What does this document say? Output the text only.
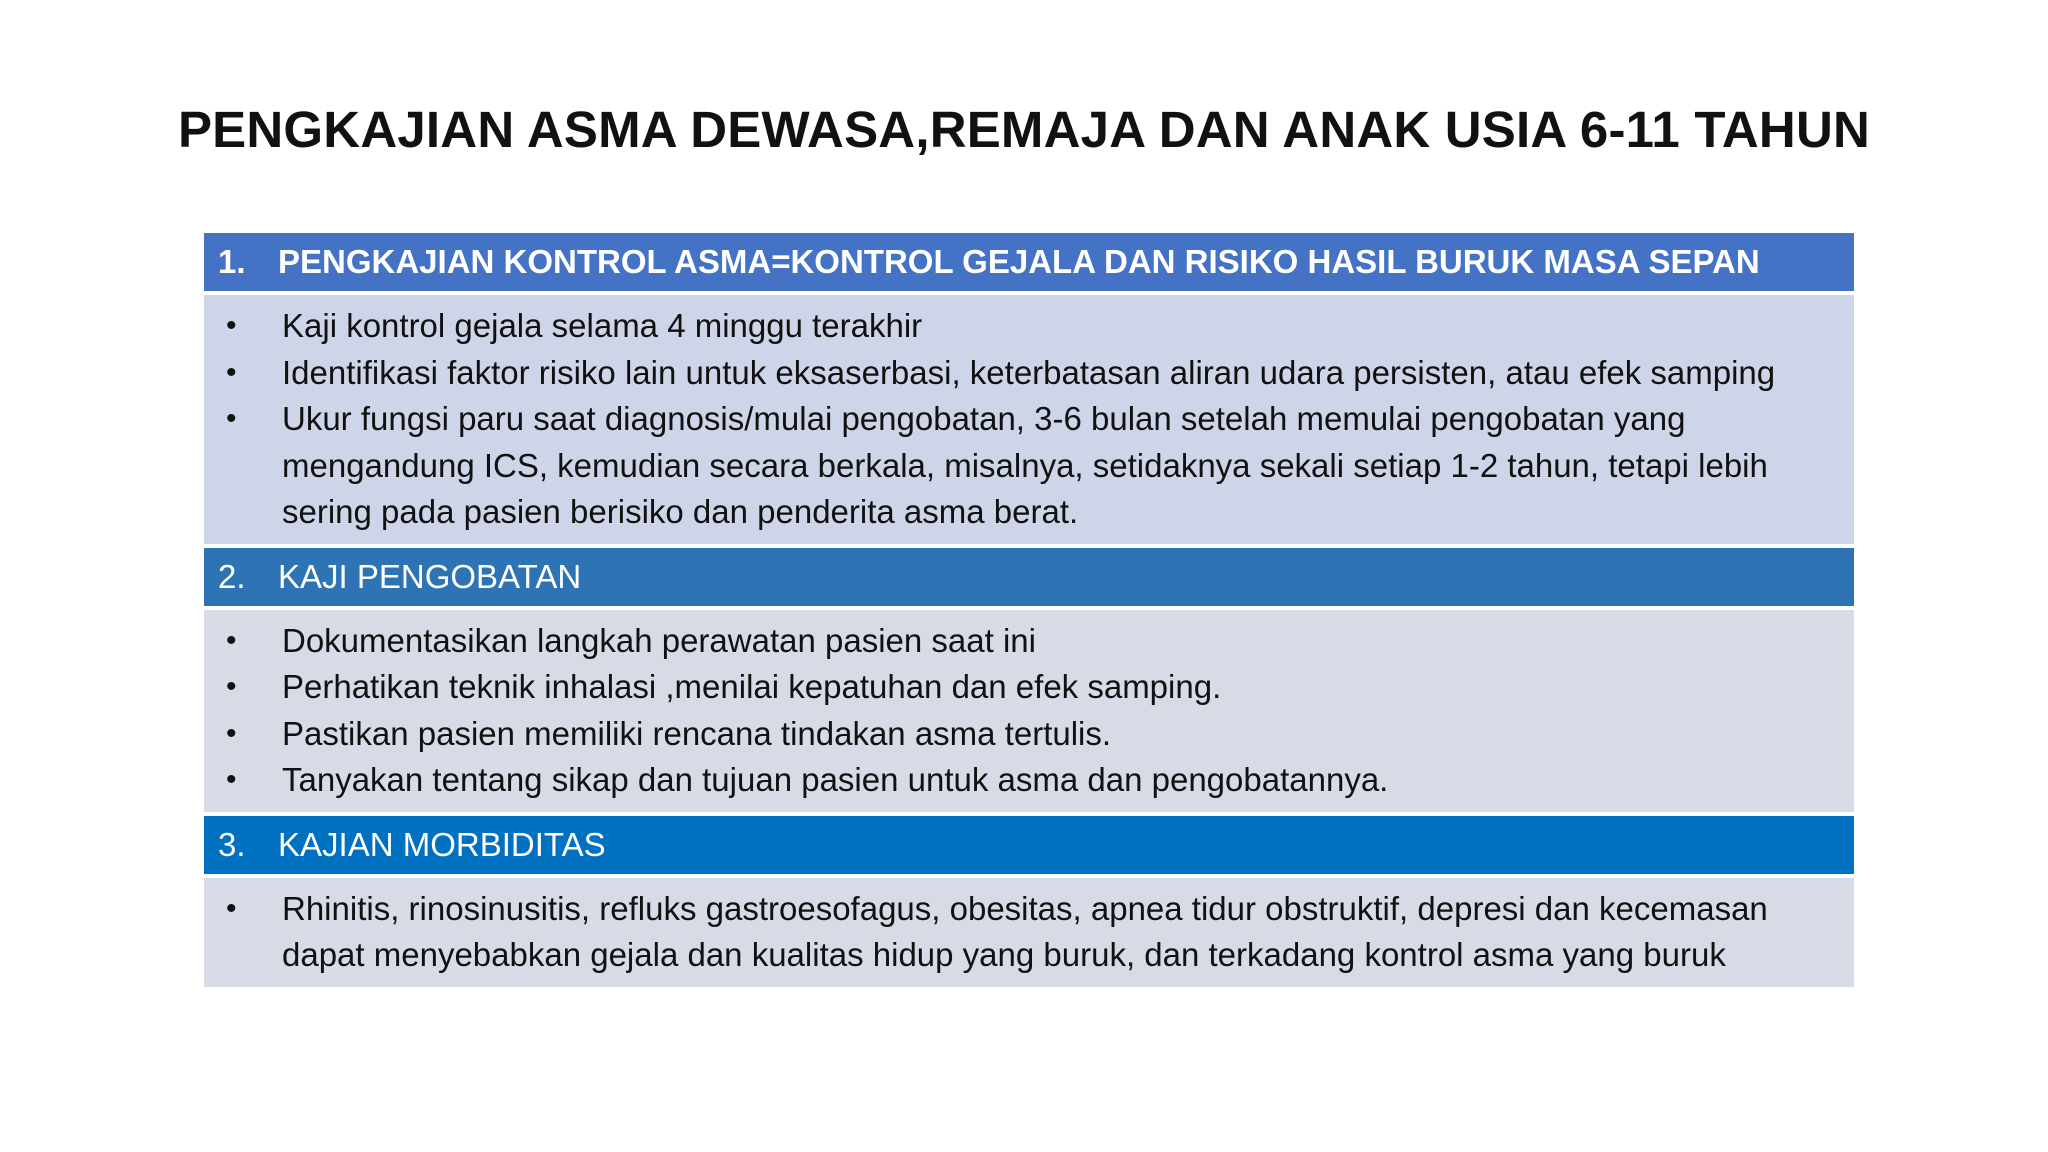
PENGKAJIAN ASMA DEWASA,REMAJA DAN ANAK USIA 6-11 TAHUN
1. PENGKAJIAN KONTROL ASMA=KONTROL GEJALA DAN RISIKO HASIL BURUK MASA SEPAN
• Kaji kontrol gejala selama 4 minggu terakhir
• Identifikasi faktor risiko lain untuk eksaserbasi, keterbatasan aliran udara persisten, atau efek samping
• Ukur fungsi paru saat diagnosis/mulai pengobatan, 3-6 bulan setelah memulai pengobatan yang mengandung ICS, kemudian secara berkala, misalnya, setidaknya sekali setiap 1-2 tahun, tetapi lebih sering pada pasien berisiko dan penderita asma berat.
2. KAJI PENGOBATAN
• Dokumentasikan langkah perawatan pasien saat ini
• Perhatikan teknik inhalasi ,menilai kepatuhan dan efek samping.
• Pastikan pasien memiliki rencana tindakan asma tertulis.
• Tanyakan tentang sikap dan tujuan pasien untuk asma dan pengobatannya.
3. KAJIAN MORBIDITAS
• Rhinitis, rinosinusitis, refluks gastroesofagus, obesitas, apnea tidur obstruktif, depresi dan kecemasan dapat menyebabkan gejala dan kualitas hidup yang buruk, dan terkadang kontrol asma yang buruk
